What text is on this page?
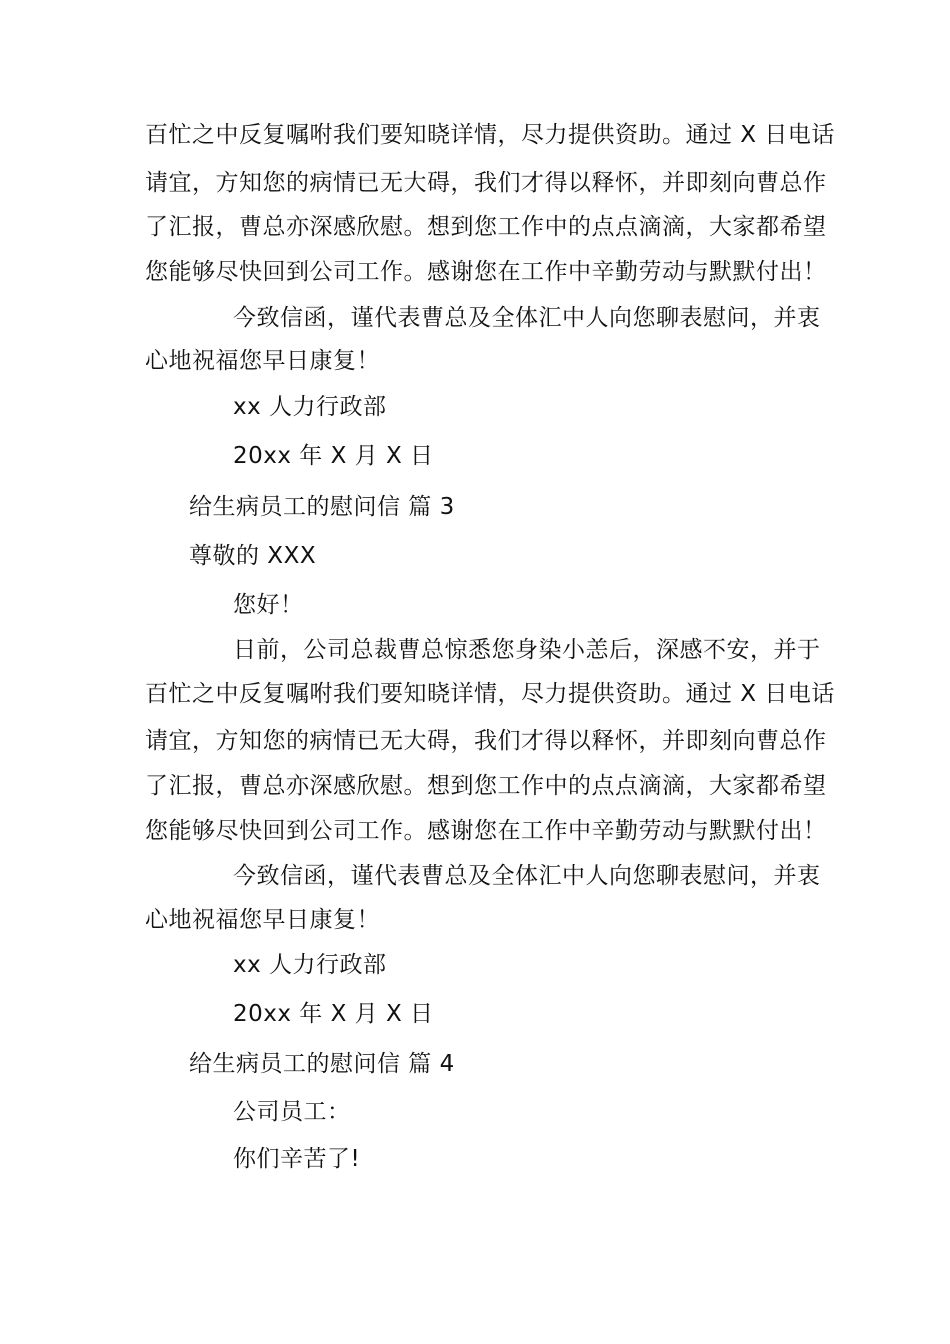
百忙之中反复嘱咐我们要知晓详情，尽力提供资助。通过 X 日电话

请宜，方知您的病情已无大碍，我们才得以释怀，并即刻向曹总作

了汇报，曹总亦深感欣慰。想到您工作中的点点滴滴，大家都希望

您能够尽快回到公司工作。感谢您在工作中辛勤劳动与默默付出！

今致信函，谨代表曹总及全体汇中人向您聊表慰问，并衷

心地祝福您早日康复！

xx 人力行政部

20xx 年 X 月 X 日

给生病员工的慰问信 篇 3

尊敬的 XXX

您好！

日前，公司总裁曹总惊悉您身染小恙后，深感不安，并于

百忙之中反复嘱咐我们要知晓详情，尽力提供资助。通过 X 日电话

请宜，方知您的病情已无大碍，我们才得以释怀，并即刻向曹总作

了汇报，曹总亦深感欣慰。想到您工作中的点点滴滴，大家都希望

您能够尽快回到公司工作。感谢您在工作中辛勤劳动与默默付出！

今致信函，谨代表曹总及全体汇中人向您聊表慰问，并衷

心地祝福您早日康复！

xx 人力行政部

20xx 年 X 月 X 日

给生病员工的慰问信 篇 4

公司员工：

你们辛苦了!
